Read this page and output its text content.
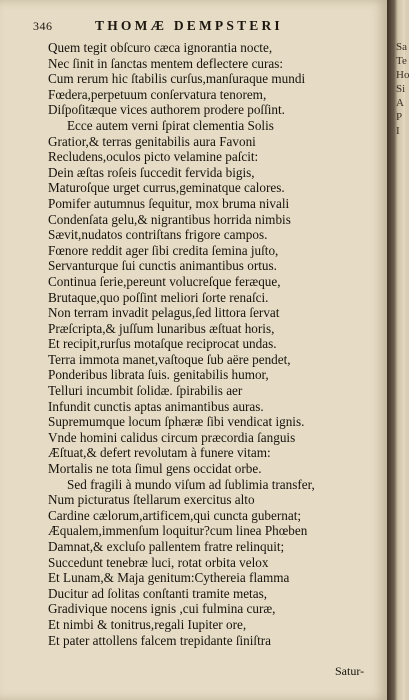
346	THOMÆ DEMPSTERI
Quem tegit obſcuro cæca ignorantia nocte,
Nec ſinit in ſanctas mentem deflectere curas:
Cum rerum hic ſtabilis curſus,manſuraque mundi
Fœdera,perpetuum conſervatura tenorem,
Diſpoſitæque vices authorem prodere poſſint.
Ecce autem verni ſpirat clementia Solis
Gratior,& terras genitabilis aura Favoni
Recludens,oculos picto velamine paſcit:
Dein æſtas roſeis ſuccedit fervida bigis,
Maturoſque urget currus,geminatque calores.
Pomifer autumnus ſequitur, mox bruma nivali
Condenſata gelu,& nigrantibus horrida nimbis
Sævit,nudatos contriſtans frigore campos.
Fœnore reddit ager ſibi credita ſemina juſto,
Servanturque ſui cunctis animantibus ortus.
Continua ſerie,pereunt volucreſque feræque,
Brutaque,quo poſſint meliori ſorte renaſci.
Non terram invadit pelagus,ſed littora ſervat
Præſcripta,& juſſum lunaribus æſtuat horis,
Et recipit,rurſus motaſque reciprocat undas.
Terra immota manet,vaſtoque ſub aëre pendet,
Ponderibus librata ſuis. genitabilis humor,
Telluri incumbit ſolidæ. ſpirabilis aer
Infundit cunctis aptas animantibus auras.
Supremumque locum ſphæræ ſibi vendicat ignis.
Vnde homini calidus circum præcordia ſanguis
Æſtuat,& defert revolutam à funere vitam:
Mortalis ne tota ſimul gens occidat orbe.
Sed fragili à mundo viſum ad ſublimia transfer,
Num picturatus ſtellarum exercitus alto
Cardine cælorum,artificem,qui cuncta gubernat;
Æqualem,immenſum loquitur?cum linea Phœben
Damnat,& excluſo pallentem fratre relinquit;
Succedunt tenebræ luci, rotat orbita velox
Et Lunam,& Maja genitum:Cythereia flamma
Ducitur ad ſolitas conſtanti tramite metas,
Gradivique nocens ignis ,cui fulmina curæ,
Et nimbi & tonitrus,regali Iupiter ore,
Et pater attollens falcem trepidante ſiniſtra
Satur-
Sa
Te
Ho
Si
A
P
I
